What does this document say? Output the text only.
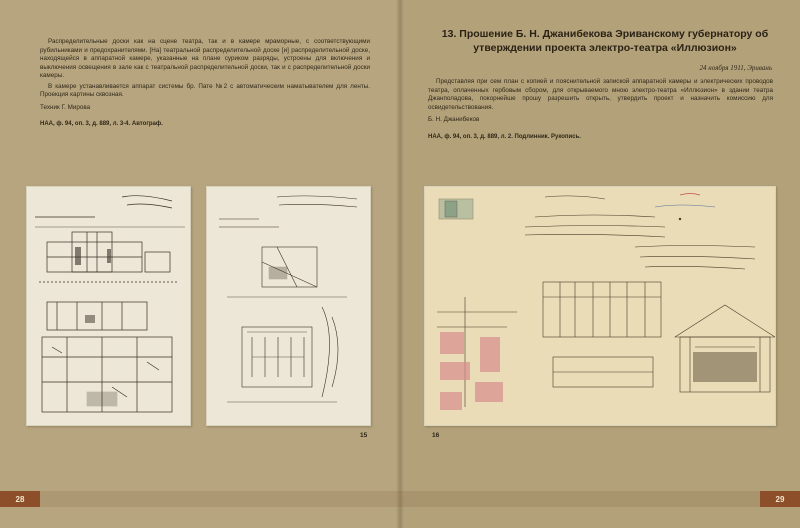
Распределительные доски как на сцене театра, так и в камере мраморные, с соответствующими рубильниками и предохранителями. [На] театральной распределительной доске [и] распределительной доске, находящейся в аппаратной камере, указанные на плане суриком разряды, устроены для включения и выключения освещения в зале как с театральной распределительной доски, так и с распределительной доски камеры.

В камере устанавливается аппарат системы бр. Пате №2 с автоматическим наматывателем для ленты. Проекция картины сквозная.

Техник Г. Мирова

НАА, ф. 94, оп. 3, д. 889, л. 3-4. Автограф.

15
13. Прошение Б. Н. Джанибекова Эриванскому губернатору об утверждении проекта электро-театра «Иллюзион»
24 ноября 1911, Эривань

Представляя при сем план с копией и пояснительной запиской аппаратной камеры и электрических проводов театра, оплаченных гербовым сбором, для открываемого мною электро-театра «Иллюзион» в здании театра Джанполадова, покорнейше прошу разрешить открыть, утвердить проект и назначить комиссию для освидетельствования.

Б. Н. Джанибеков

НАА, ф. 94, оп. 3, д. 889, л. 2. Подлинник. Рукопись.

16
28	29
